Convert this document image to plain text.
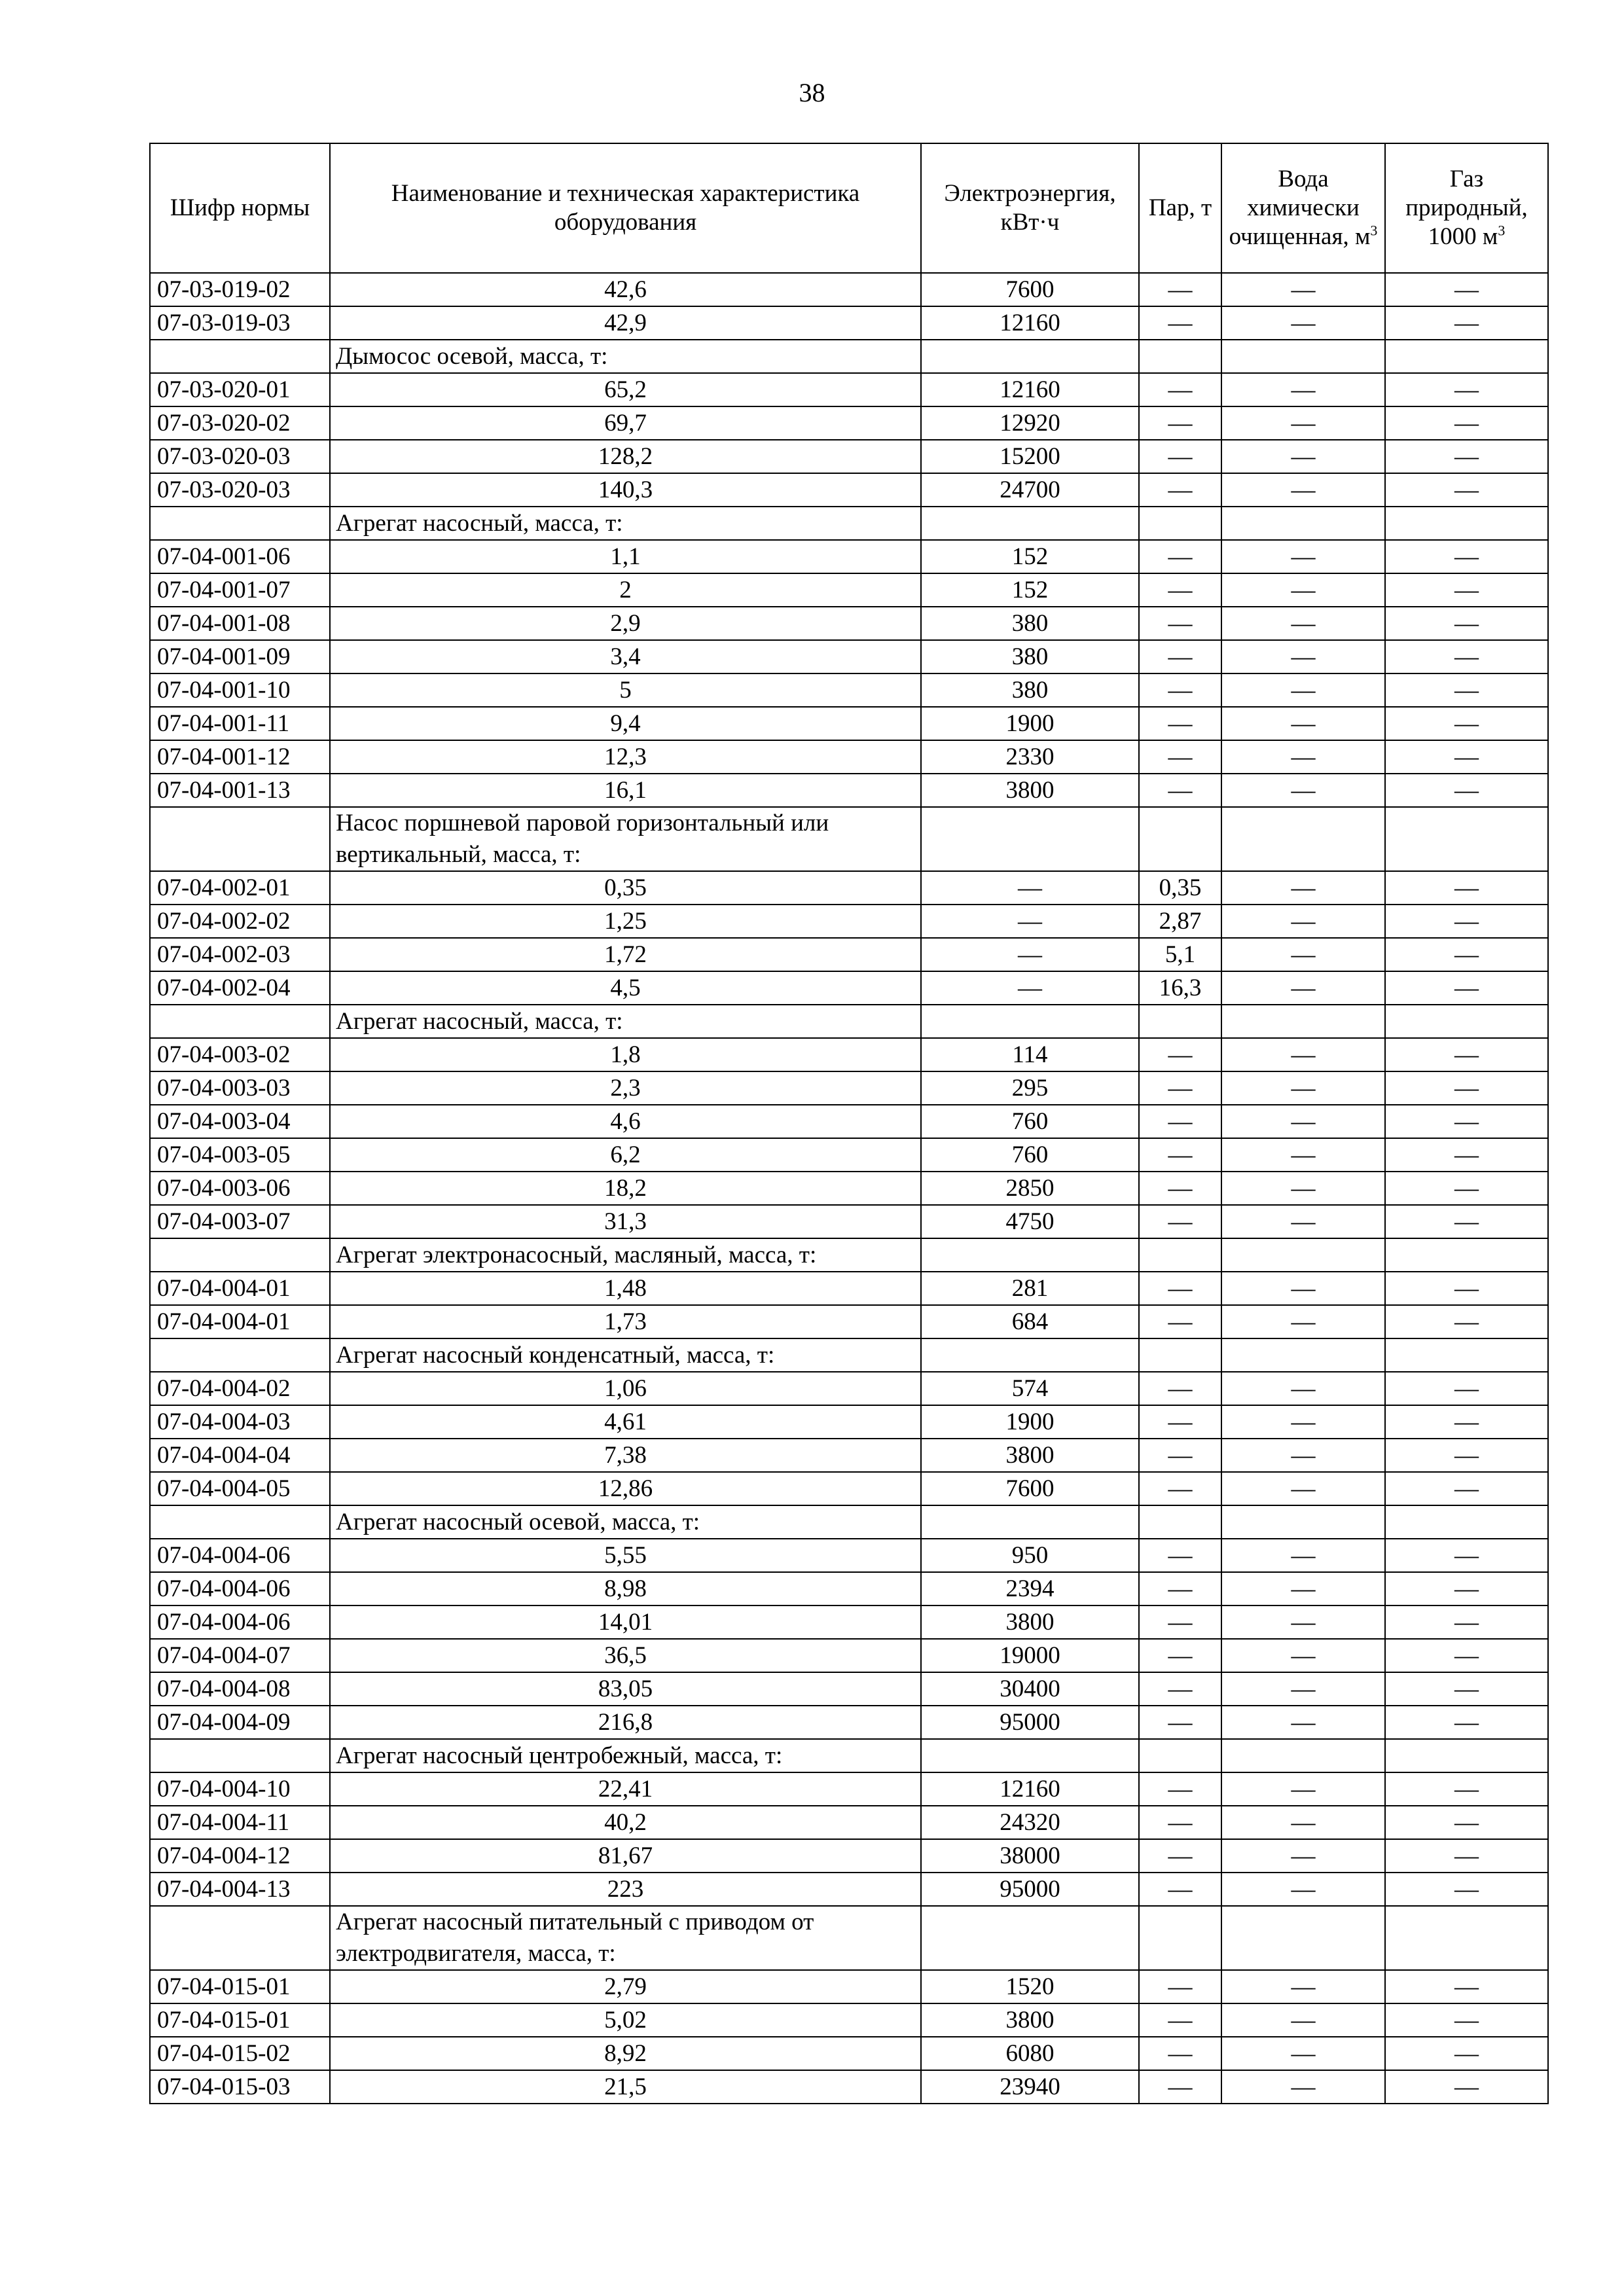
38
Шифр нормы	Наименование и техническая характеристика оборудования	Электроэнергия, кВт·ч	Пар, т	Вода химически очищенная, $м^3$	Газ природный, 1000 $м^3$
07-03-019-02	42,6	7600	—	—	—
07-03-019-03	42,9	12160	—	—	—
	Дымосос осевой, масса, т:				
07-03-020-01	65,2	12160	—	—	—
07-03-020-02	69,7	12920	—	—	—
07-03-020-03	128,2	15200	—	—	—
07-03-020-03	140,3	24700	—	—	—
	Агрегат насосный, масса, т:				
07-04-001-06	1,1	152	—	—	—
07-04-001-07	2	152	—	—	—
07-04-001-08	2,9	380	—	—	—
07-04-001-09	3,4	380	—	—	—
07-04-001-10	5	380	—	—	—
07-04-001-11	9,4	1900	—	—	—
07-04-001-12	12,3	2330	—	—	—
07-04-001-13	16,1	3800	—	—	—
	Насос поршневой паровой горизонтальный или вертикальный, масса, т:				
07-04-002-01	0,35	—	0,35	—	—
07-04-002-02	1,25	—	2,87	—	—
07-04-002-03	1,72	—	5,1	—	—
07-04-002-04	4,5	—	16,3	—	—
	Агрегат насосный, масса, т:				
07-04-003-02	1,8	114	—	—	—
07-04-003-03	2,3	295	—	—	—
07-04-003-04	4,6	760	—	—	—
07-04-003-05	6,2	760	—	—	—
07-04-003-06	18,2	2850	—	—	—
07-04-003-07	31,3	4750	—	—	—
	Агрегат электронасосный, масляный, масса, т:				
07-04-004-01	1,48	281	—	—	—
07-04-004-01	1,73	684	—	—	—
	Агрегат насосный конденсатный, масса, т:				
07-04-004-02	1,06	574	—	—	—
07-04-004-03	4,61	1900	—	—	—
07-04-004-04	7,38	3800	—	—	—
07-04-004-05	12,86	7600	—	—	—
	Агрегат насосный осевой, масса, т:				
07-04-004-06	5,55	950	—	—	—
07-04-004-06	8,98	2394	—	—	—
07-04-004-06	14,01	3800	—	—	—
07-04-004-07	36,5	19000	—	—	—
07-04-004-08	83,05	30400	—	—	—
07-04-004-09	216,8	95000	—	—	—
	Агрегат насосный центробежный, масса, т:				
07-04-004-10	22,41	12160	—	—	—
07-04-004-11	40,2	24320	—	—	—
07-04-004-12	81,67	38000	—	—	—
07-04-004-13	223	95000	—	—	—
	Агрегат насосный питательный с приводом от электродвигателя, масса, т:				
07-04-015-01	2,79	1520	—	—	—
07-04-015-01	5,02	3800	—	—	—
07-04-015-02	8,92	6080	—	—	—
07-04-015-03	21,5	23940	—	—	—
